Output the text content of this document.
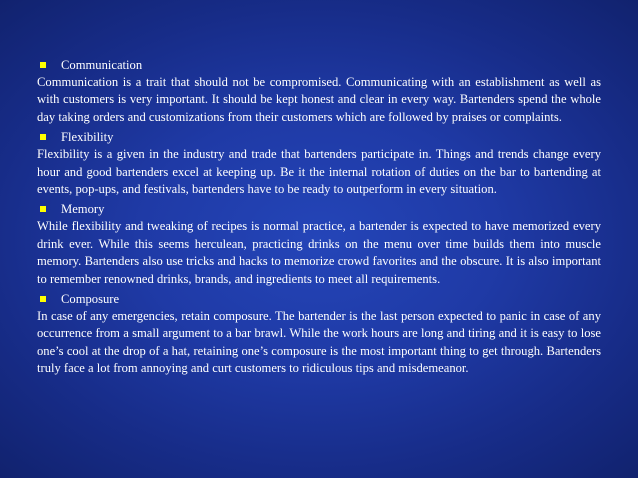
Communication

Communication is a trait that should not be compromised. Communicating with an establishment as well as with customers is very important. It should be kept honest and clear in every way. Bartenders spend the whole day taking orders and customizations from their customers which are followed by praises or complaints.

Flexibility

Flexibility is a given in the industry and trade that bartenders participate in. Things and trends change every hour and good bartenders excel at keeping up. Be it the internal rotation of duties on the bar to bartending at events, pop-ups, and festivals, bartenders have to be ready to outperform in every situation.

Memory

While flexibility and tweaking of recipes is normal practice, a bartender is expected to have memorized every drink ever. While this seems herculean, practicing drinks on the menu over time builds them into muscle memory. Bartenders also use tricks and hacks to memorize crowd favorites and the obscure. It is also important to remember renowned drinks, brands, and ingredients to meet all requirements.

Composure

In case of any emergencies, retain composure. The bartender is the last person expected to panic in case of any occurrence from a small argument to a bar brawl. While the work hours are long and tiring and it is easy to lose one’s cool at the drop of a hat, retaining one’s composure is the most important thing to get through. Bartenders truly face a lot from annoying and curt customers to ridiculous tips and misdemeanor.
